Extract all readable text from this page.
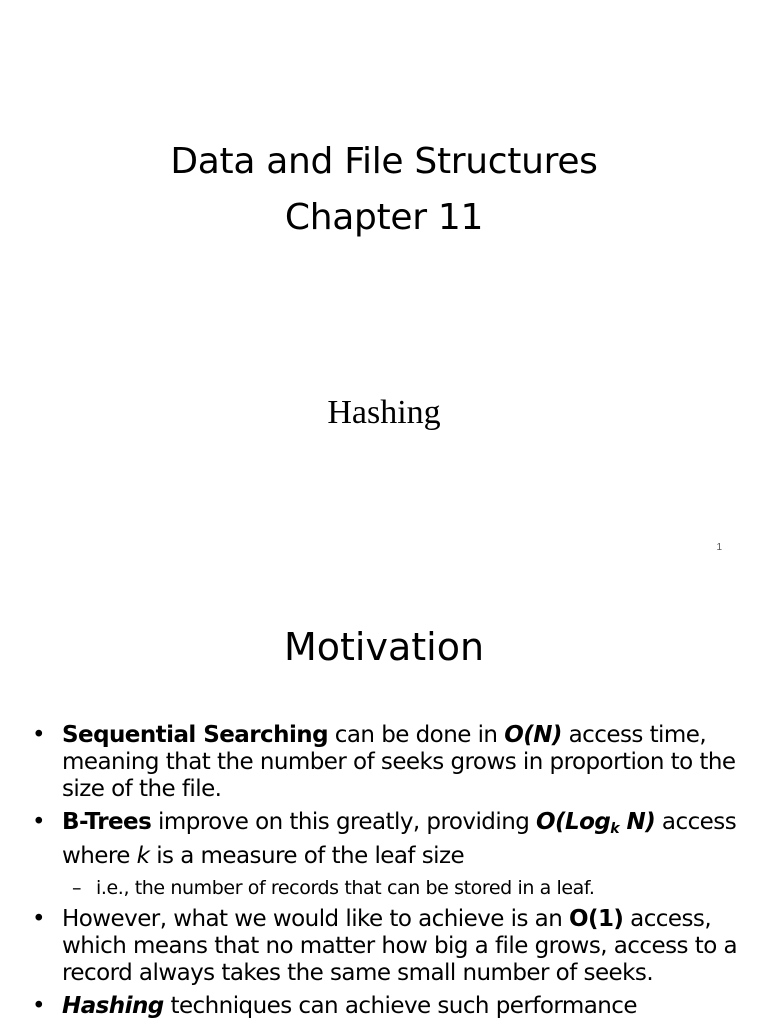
Data and File Structures
Chapter 11
Hashing
1
Motivation
• Sequential Searching can be done in O(N) access time, meaning that the number of seeks grows in proportion to the size of the file.
• B-Trees improve on this greatly, providing O(Log$_k$ N) access where k is a measure of the leaf size
– i.e., the number of records that can be stored in a leaf.
• However, what we would like to achieve is an O(1) access, which means that no matter how big a file grows, access to a record always takes the same small number of seeks.
• Hashing techniques can achieve such performance
